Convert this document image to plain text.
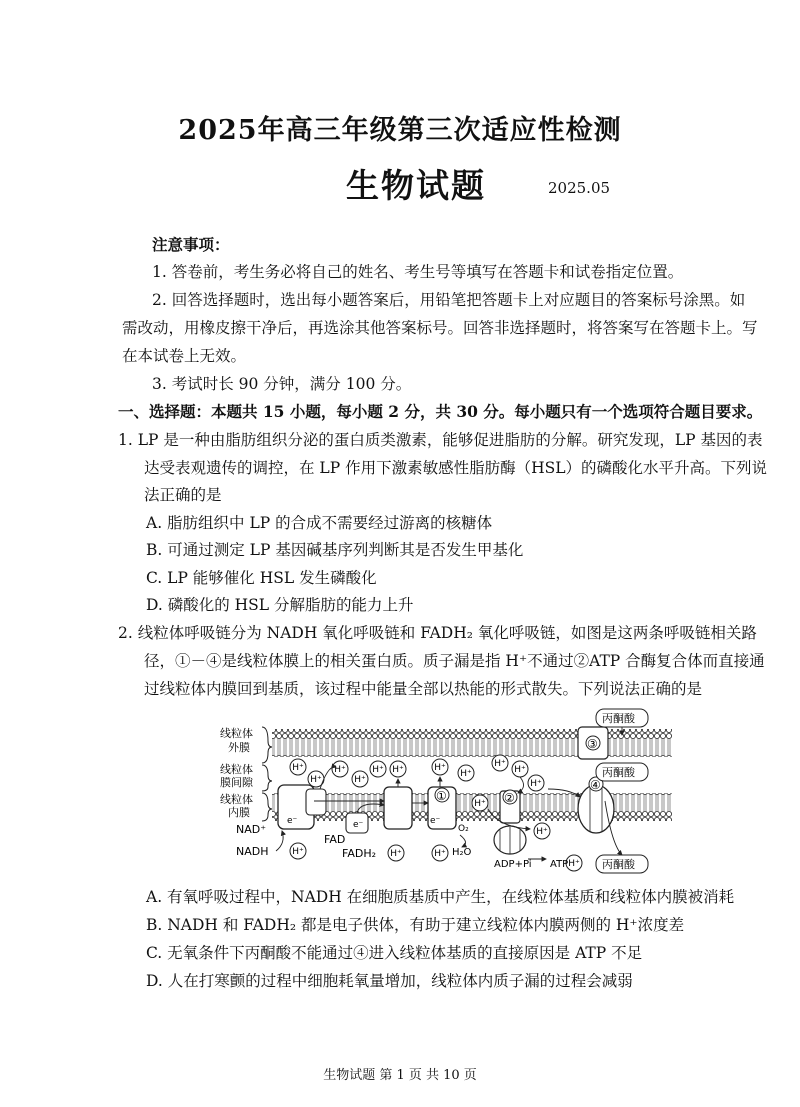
2025年高三年级第三次适应性检测
生物试题	2025.05
注意事项：
1. 答卷前，考生务必将自己的姓名、考生号等填写在答题卡和试卷指定位置。
2. 回答选择题时，选出每小题答案后，用铅笔把答题卡上对应题目的答案标号涂黑。如
需改动，用橡皮擦干净后，再选涂其他答案标号。回答非选择题时，将答案写在答题卡上。写
在本试卷上无效。
3. 考试时长 90 分钟，满分 100 分。
一、选择题：本题共 15 小题，每小题 2 分，共 30 分。每小题只有一个选项符合题目要求。
1. LP 是一种由脂肪组织分泌的蛋白质类激素，能够促进脂肪的分解。研究发现，LP 基因的表
达受表观遗传的调控，在 LP 作用下激素敏感性脂肪酶（HSL）的磷酸化水平升高。下列说
法正确的是
A. 脂肪组织中 LP 的合成不需要经过游离的核糖体
B. 可通过测定 LP 基因碱基序列判断其是否发生甲基化
C. LP 能够催化 HSL 发生磷酸化
D. 磷酸化的 HSL 分解脂肪的能力上升
2. 线粒体呼吸链分为 NADH 氧化呼吸链和 FADH₂ 氧化呼吸链，如图是这两条呼吸链相关路
径，①－④是线粒体膜上的相关蛋白质。质子漏是指 H⁺不通过②ATP 合酶复合体而直接通
过线粒体内膜回到基质，该过程中能量全部以热能的形式散失。下列说法正确的是
线粒体
外膜
线粒体
膜间隙
线粒体
内膜
③
①	②
④
丙酮酸
丙酮酸
丙酮酸
H⁺
H⁺
H⁺
H⁺
H⁺ H⁺	H⁺
H⁺
H⁺
H⁺
H⁺
H⁺
H⁺	H⁺	H⁺
H⁺
H⁺
e⁻	e⁻	e⁻
NAD⁺
NADH
FAD
FADH₂
O₂
H₂O
ADP+Pi ATP
A. 有氧呼吸过程中，NADH 在细胞质基质中产生，在线粒体基质和线粒体内膜被消耗
B. NADH 和 FADH₂ 都是电子供体，有助于建立线粒体内膜两侧的 H⁺浓度差
C. 无氧条件下丙酮酸不能通过④进入线粒体基质的直接原因是 ATP 不足
D. 人在打寒颤的过程中细胞耗氧量增加，线粒体内质子漏的过程会减弱
生物试题 第 1 页 共 10 页
